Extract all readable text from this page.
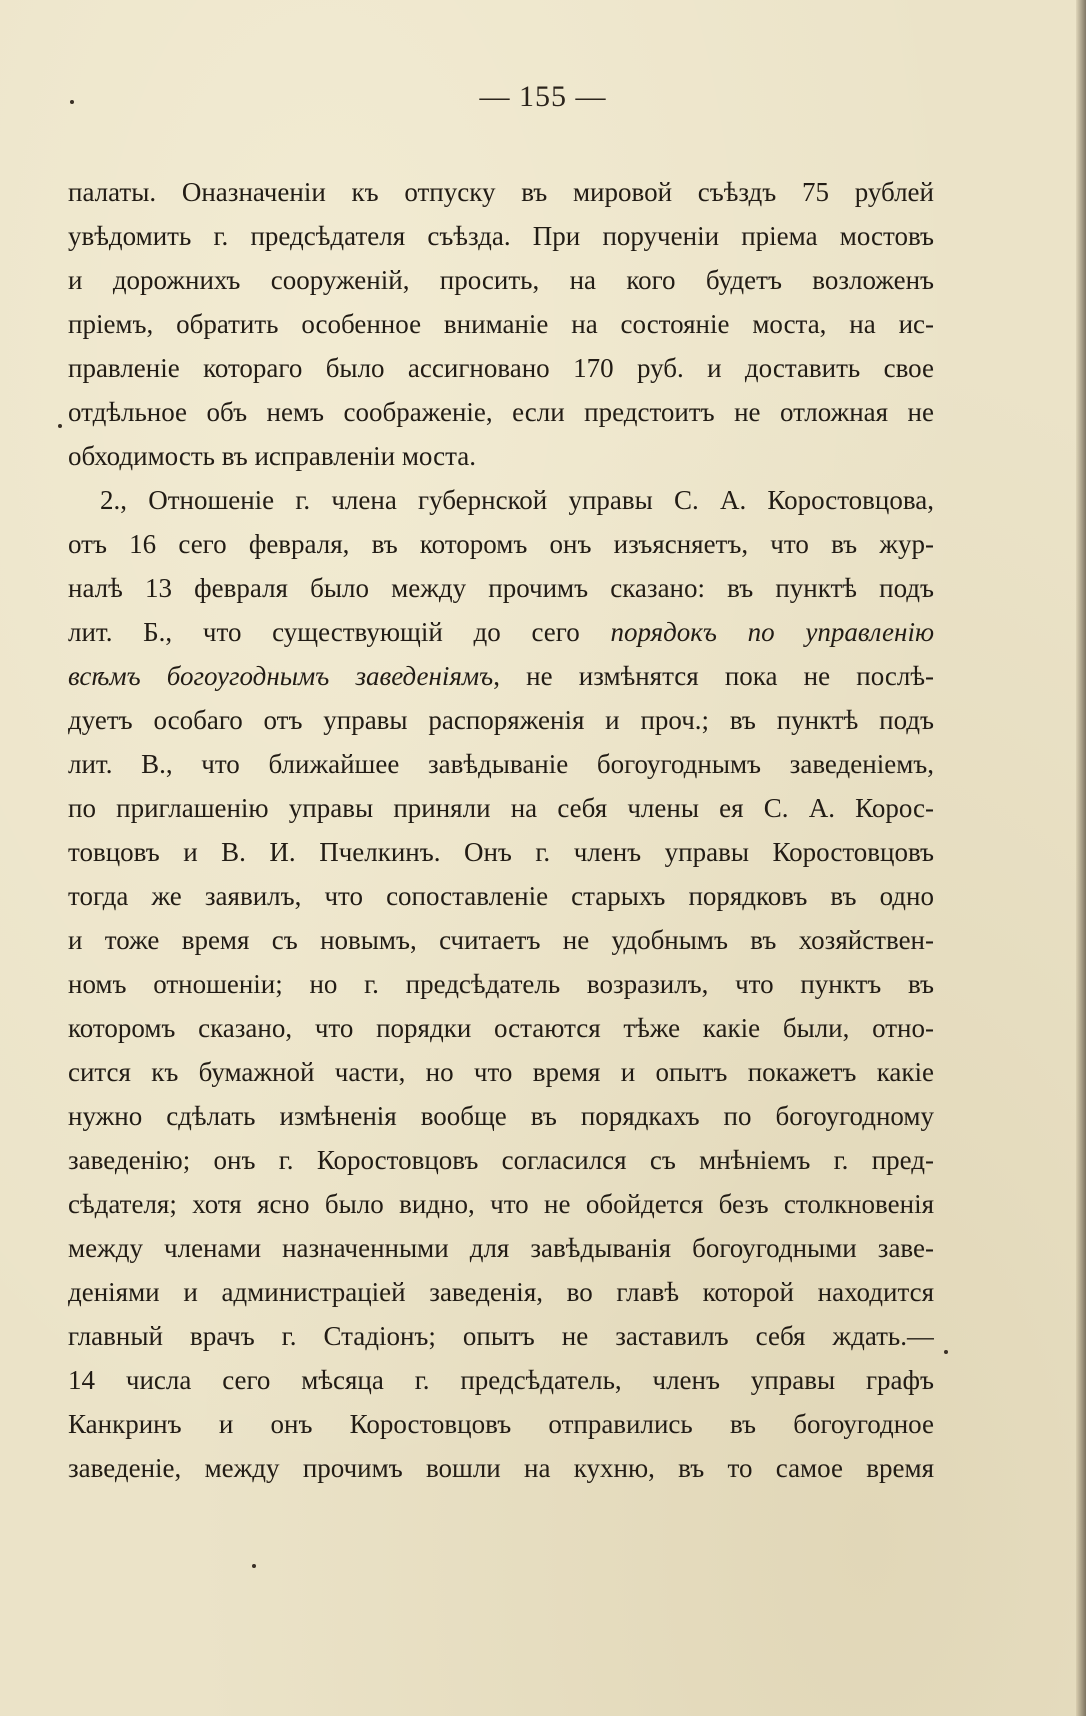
— 155 —
палаты. Оназначеніи къ отпуску въ мировой съѣздъ 75 рублей
увѣдомить г. предсѣдателя съѣзда. При порученіи пріема мостовъ
и дорожнихъ сооруженій, просить, на кого будетъ возложенъ
пріемъ, обратить особенное вниманіе на состояніе моста, на ис-
правленіе котораго было ассигновано 170 руб. и доставить свое
отдѣльное объ немъ соображеніе, если предстоитъ не отложная не
обходимость въ исправленіи моста.
2., Отношеніе г. члена губернской управы С. А. Коростовцова,
отъ 16 сего февраля, въ которомъ онъ изъясняетъ, что въ жур-
налѣ 13 февраля было между прочимъ сказано: въ пунктѣ подъ
лит. Б., что существующій до сего порядокъ по управленію
всѣмъ богоугоднымъ заведеніямъ, не измѣнятся пока не послѣ-
дуетъ особаго отъ управы распоряженія и проч.; въ пунктѣ подъ
лит. В., что ближайшее завѣдываніе богоугоднымъ заведеніемъ,
по приглашенію управы приняли на себя члены ея С. А. Корос-
товцовъ и В. И. Пчелкинъ. Онъ г. членъ управы Коростовцовъ
тогда же заявилъ, что сопоставленіе старыхъ порядковъ въ одно
и тоже время съ новымъ, считаетъ не удобнымъ въ хозяйствен-
номъ отношеніи; но г. предсѣдатель возразилъ, что пунктъ въ
которомъ сказано, что порядки остаются тѣже какіе были, отно-
сится къ бумажной части, но что время и опытъ покажетъ какіе
нужно сдѣлать измѣненія вообще въ порядкахъ по богоугодному
заведенію; онъ г. Коростовцовъ согласился съ мнѣніемъ г. пред-
сѣдателя; хотя ясно было видно, что не обойдется безъ столкновенія
между членами назначенными для завѣдыванія богоугодными заве-
деніями и администраціей заведенія, во главѣ которой находится
главный врачъ г. Стадіонъ; опытъ не заставилъ себя ждать.—
14 числа сего мѣсяца г. предсѣдатель, членъ управы графъ
Канкринъ и онъ Коростовцовъ отправились въ богоугодное
заведеніе, между прочимъ вошли на кухню, въ то самое время
